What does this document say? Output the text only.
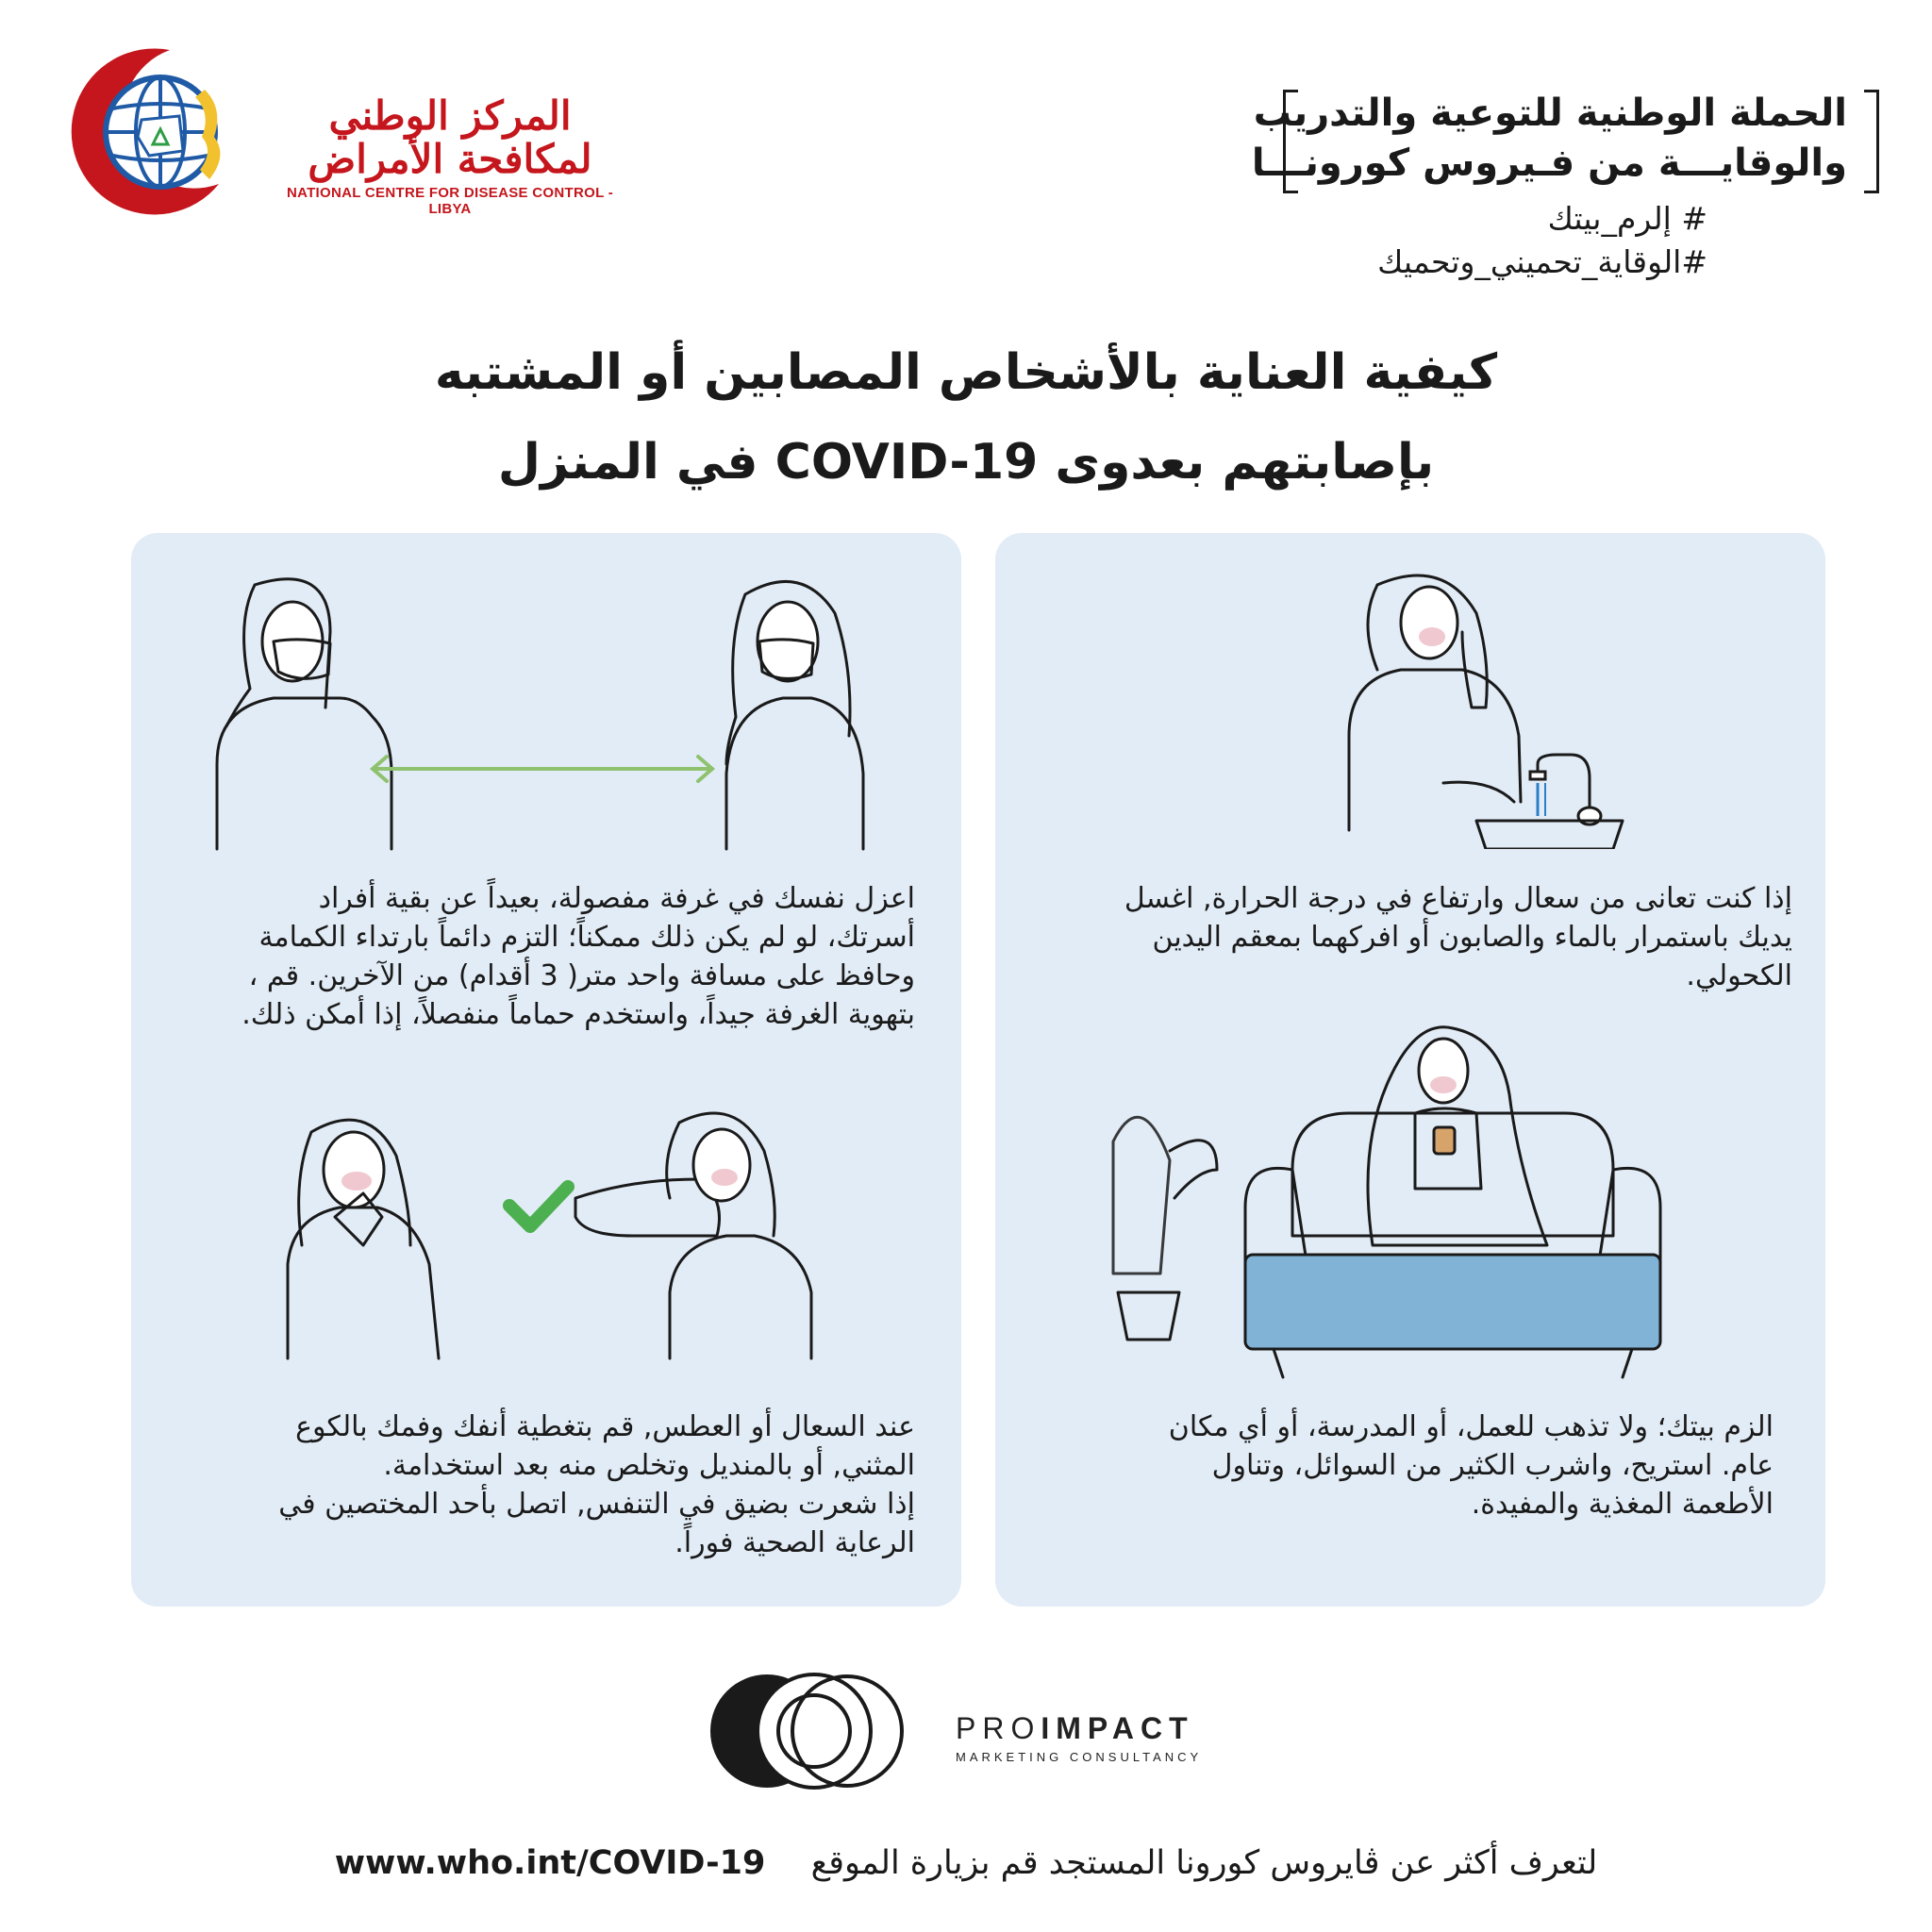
المركز الوطني لمكافحة الأمراض
NATIONAL CENTRE FOR DISEASE CONTROL - LIBYA
الحملة الوطنية للتوعية والتدريب
والوقايـــة من فـيروس كورونـــا
# إلرم_بيتك
#الوقاية_تحميني_وتحميك
كيفية العناية بالأشخاص المصابين أو المشتبه
بإصابتهم بعدوى COVID-19 في المنزل
إذا كنت تعانى من سعال وارتفاع في درجة الحرارة, اغسل
يديك باستمرار بالماء والصابون أو افركهما بمعقم اليدين
الكحولي.
اعزل نفسك في غرفة مفصولة، بعيداً عن بقية أفراد
أسرتك، لو لم يكن ذلك ممكناً؛ التزم دائماً بارتداء الكمامة
وحافظ على مسافة واحد متر( 3 أقدام) من الآخرين. قم ،
بتهوية الغرفة جيداً، واستخدم حماماً منفصلاً، إذا أمكن ذلك.
الزم بيتك؛ ولا تذهب للعمل، أو المدرسة، أو أي مكان
عام. استريح، واشرب الكثير من السوائل، وتناول
الأطعمة المغذية والمفيدة.
عند السعال أو العطس, قم بتغطية أنفك وفمك بالكوع
المثني, أو بالمنديل وتخلص منه بعد استخدامة.
إذا شعرت بضيق في التنفس, اتصل بأحد المختصين في
الرعاية الصحية فوراً.
PROIMPACT
MARKETING CONSULTANCY
www.who.int/COVID-19 لتعرف أكثر عن ڤايروس كورونا المستجد قم بزيارة الموقع
